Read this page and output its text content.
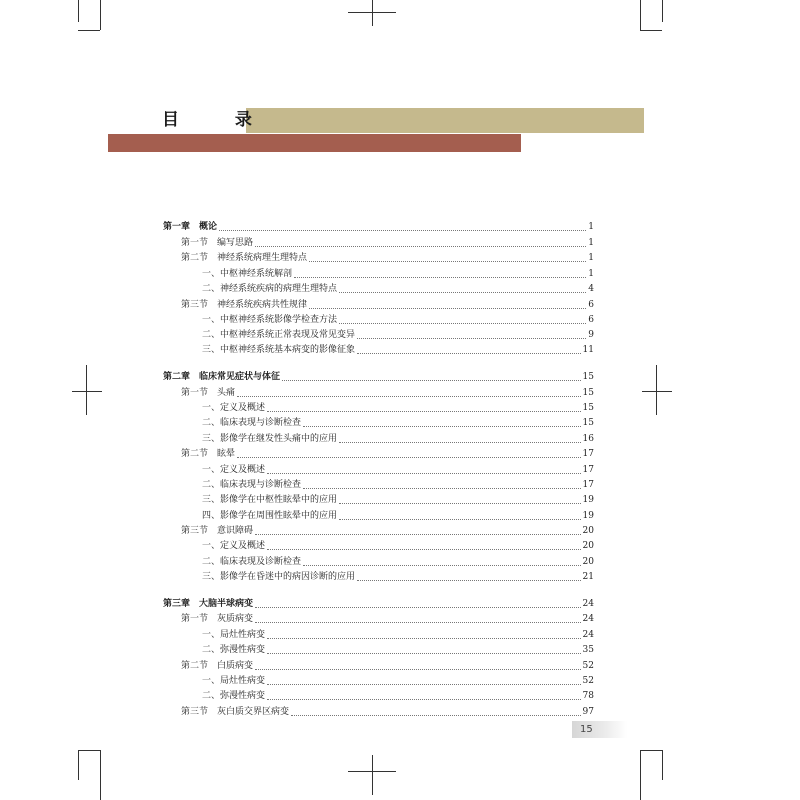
目 录
第一章　概论	1
第一节　编写思路	1
第二节　神经系统病理生理特点	1
一、中枢神经系统解剖	1
二、神经系统疾病的病理生理特点	4
第三节　神经系统疾病共性规律	6
一、中枢神经系统影像学检查方法	6
二、中枢神经系统正常表现及常见变异	9
三、中枢神经系统基本病变的影像征象	11
第二章　临床常见症状与体征	15
第一节　头痛	15
一、定义及概述	15
二、临床表现与诊断检查	15
三、影像学在继发性头痛中的应用	16
第二节　眩晕	17
一、定义及概述	17
二、临床表现与诊断检查	17
三、影像学在中枢性眩晕中的应用	19
四、影像学在周围性眩晕中的应用	19
第三节　意识障碍	20
一、定义及概述	20
二、临床表现及诊断检查	20
三、影像学在昏迷中的病因诊断的应用	21
第三章　大脑半球病变	24
第一节　灰质病变	24
一、局灶性病变	24
二、弥漫性病变	35
第二节　白质病变	52
一、局灶性病变	52
二、弥漫性病变	78
第三节　灰白质交界区病变	97
15
